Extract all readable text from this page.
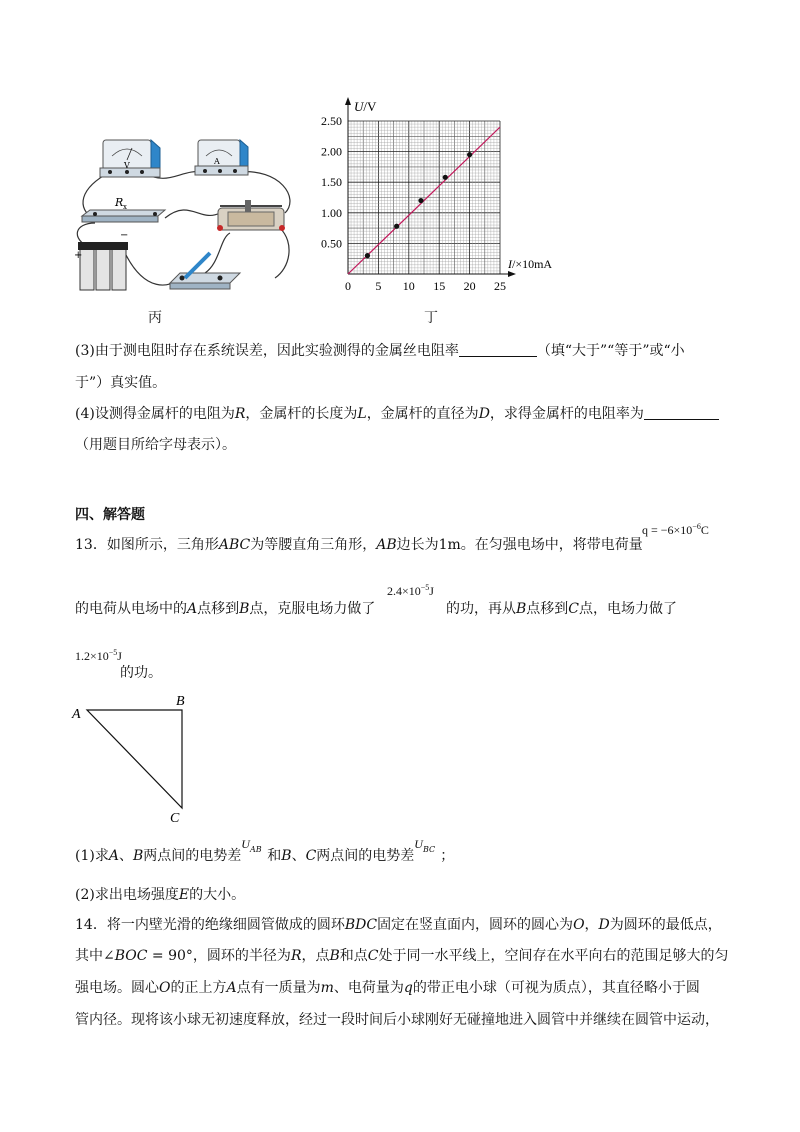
V	A
R x
+
−
丙
0 5 10 15 20 25
0.50
1.00
1.50
2.00
2.50
U/V
I/×10mA
丁
(3)由于测电阻时存在系统误差，因此实验测得的金属丝电阻率	（填“大于”“等于”或“小
于”）真实值。
(4)设测得金属杆的电阻为R，金属杆的长度为L，金属杆的直径为D，求得金属杆的电阻率为
（用题目所给字母表示）。
四、解答题
13．如图所示，三角形ABC为等腰直角三角形，AB边长为1m。在匀强电场中，将带电荷量
$q = -6\times 10^{-6}C$
的电荷从电场中的A点移到B点，克服电场力做了
$2.4\times 10^{-5}J$
的功，再从B点移到C点，电场力做了
$1.2\times 10^{-5}J$
的功。
A
B
C
(1)求A、B两点间的电势差$U_{AB}$ 和B、C两点间的电势差$U_{BC}$ ；
(2)求出电场强度E的大小。
14．将一内壁光滑的绝缘细圆管做成的圆环BDC固定在竖直面内，圆环的圆心为O，D为圆环的最低点，
其中∠BOC = 90°，圆环的半径为R，点B和点C处于同一水平线上，空间存在水平向右的范围足够大的匀
强电场。圆心O的正上方A点有一质量为m、电荷量为q的带正电小球（可视为质点），其直径略小于圆
管内径。现将该小球无初速度释放，经过一段时间后小球刚好无碰撞地进入圆管中并继续在圆管中运动，
